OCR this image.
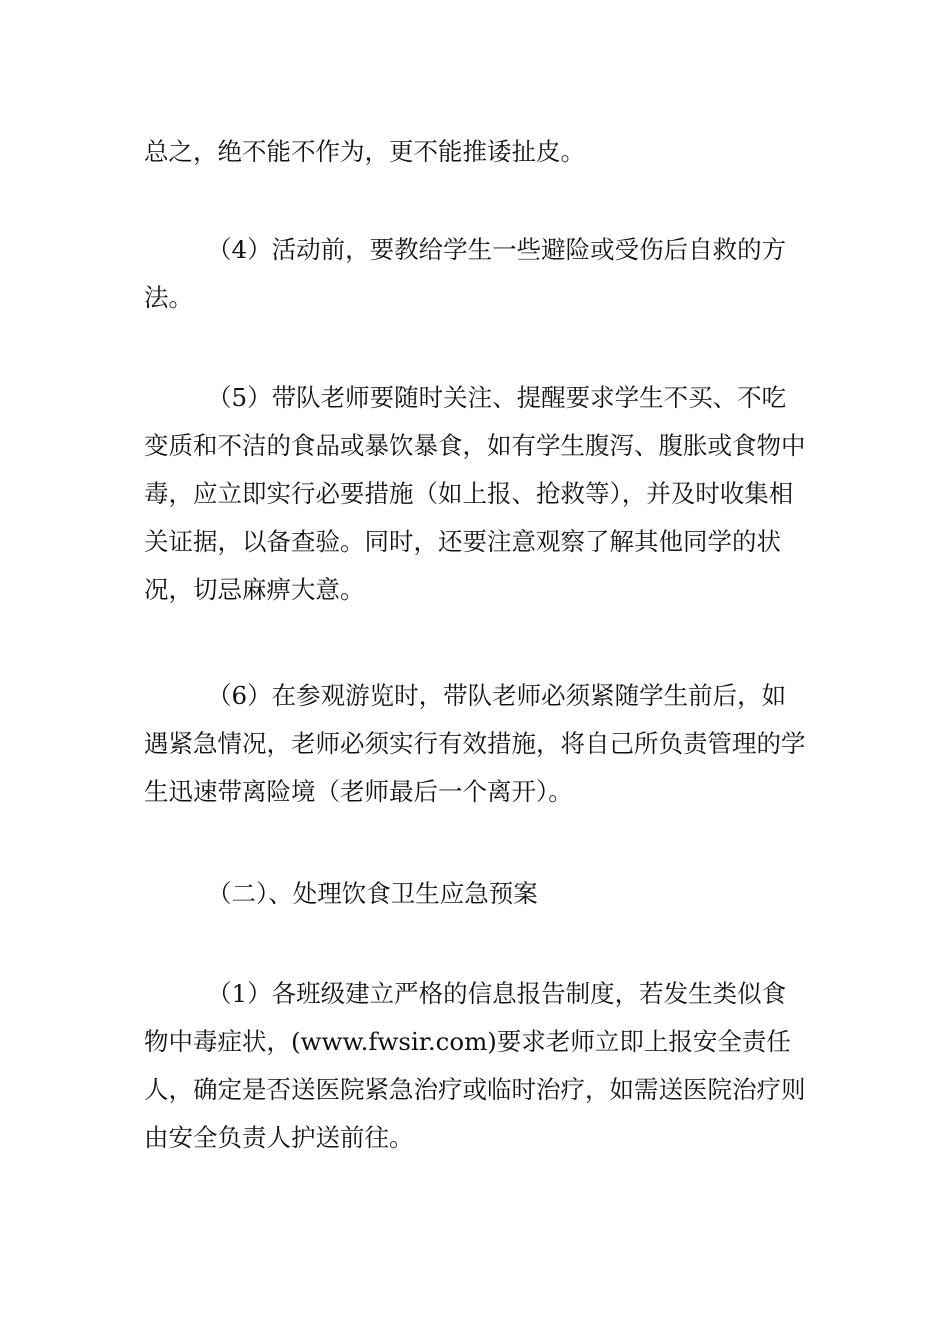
总之，绝不能不作为，更不能推诿扯皮。

（4）活动前，要教给学生一些避险或受伤后自救的方法。

（5）带队老师要随时关注、提醒要求学生不买、不吃变质和不洁的食品或暴饮暴食，如有学生腹泻、腹胀或食物中毒，应立即实行必要措施（如上报、抢救等），并及时收集相关证据，以备查验。同时，还要注意观察了解其他同学的状况，切忌麻痹大意。

（6）在参观游览时，带队老师必须紧随学生前后，如遇紧急情况，老师必须实行有效措施，将自己所负责管理的学生迅速带离险境（老师最后一个离开）。

（二）、处理饮食卫生应急预案

（1）各班级建立严格的信息报告制度，若发生类似食物中毒症状，(www.fwsir.com)要求老师立即上报安全责任人，确定是否送医院紧急治疗或临时治疗，如需送医院治疗则由安全负责人护送前往。
